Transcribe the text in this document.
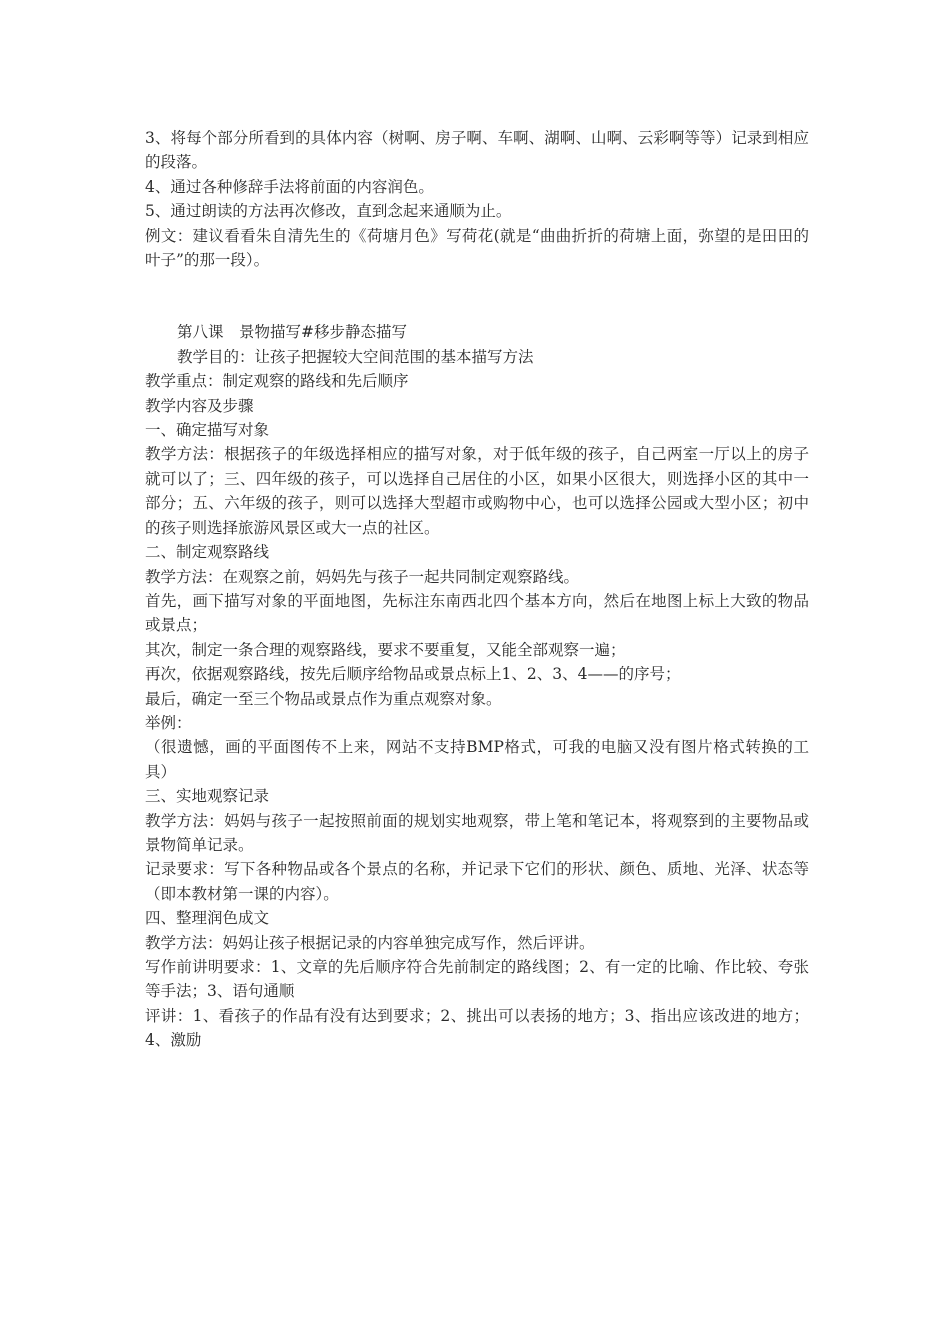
3、将每个部分所看到的具体内容（树啊、房子啊、车啊、湖啊、山啊、云彩啊等等）记录到相应的段落。

4、通过各种修辞手法将前面的内容润色。

5、通过朗读的方法再次修改，直到念起来通顺为止。

例文：建议看看朱自清先生的《荷塘月色》写荷花(就是“曲曲折折的荷塘上面，弥望的是田田的叶子”的那一段）。

第八课　景物描写#移步静态描写

教学目的：让孩子把握较大空间范围的基本描写方法

教学重点：制定观察的路线和先后顺序

教学内容及步骤

一、确定描写对象

教学方法：根据孩子的年级选择相应的描写对象，对于低年级的孩子，自己两室一厅以上的房子就可以了；三、四年级的孩子，可以选择自己居住的小区，如果小区很大，则选择小区的其中一部分；五、六年级的孩子，则可以选择大型超市或购物中心，也可以选择公园或大型小区；初中的孩子则选择旅游风景区或大一点的社区。

二、制定观察路线

教学方法：在观察之前，妈妈先与孩子一起共同制定观察路线。

首先，画下描写对象的平面地图，先标注东南西北四个基本方向，然后在地图上标上大致的物品或景点；

其次，制定一条合理的观察路线，要求不要重复，又能全部观察一遍；

再次，依据观察路线，按先后顺序给物品或景点标上1、2、3、4——的序号；

最后，确定一至三个物品或景点作为重点观察对象。

举例：

（很遗憾，画的平面图传不上来，网站不支持BMP格式，可我的电脑又没有图片格式转换的工具）

三、实地观察记录

教学方法：妈妈与孩子一起按照前面的规划实地观察，带上笔和笔记本，将观察到的主要物品或景物简单记录。

记录要求：写下各种物品或各个景点的名称，并记录下它们的形状、颜色、质地、光泽、状态等（即本教材第一课的内容）。

四、整理润色成文

教学方法：妈妈让孩子根据记录的内容单独完成写作，然后评讲。

写作前讲明要求：1、文章的先后顺序符合先前制定的路线图；2、有一定的比喻、作比较、夸张等手法；3、语句通顺

评讲：1、看孩子的作品有没有达到要求；2、挑出可以表扬的地方；3、指出应该改进的地方；4、激励
